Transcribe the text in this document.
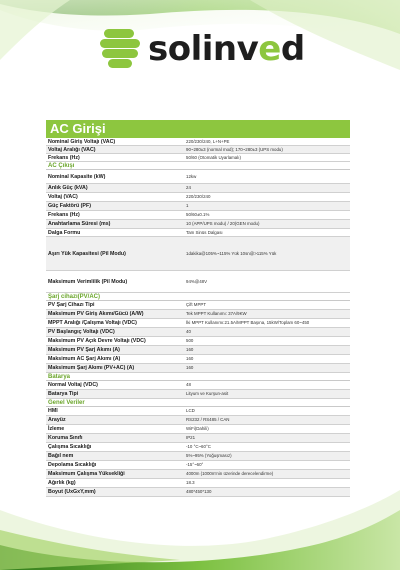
solinved
AC Girişi
Nominal Giriş Voltajı (VAC)	220/230/240, L+N+PE
Voltaj Aralığı (VAC)	90~280±3 (normal mod); 170~280±3 (UPS modu)
Frekans (Hz)	50/60 (Otomatik Uyarlamalı)
AC Çıkışı
Nominal Kapasite (kW)	12kw
Anlık Güç (kVA)	24
Voltaj (VAC)	220/230/240
Güç Faktörü (PF)	1
Frekans (Hz)	50/60±0.1%
Anahtarlama Süresi (ms)	10 (APP/UPS modu) / 20(GEN modu)
Dalga Formu	Tam Sinüs Dalgası
Aşırı Yük Kapasitesi (Pil Modu)	1dakika@105%~115% Yük 10sn@>115% Yük
Maksimum Verimlilik (Pil Modu)	94%@48V
Şarj cihazı(PV/AC)
PV Şarj Cihazı Tipi	Çift MPPT
Maksimum PV Giriş Akımı/Gücü (A/W)	Tek MPPT Kullanımı: 37A/9KW
MPPT Aralığı /Çalışma Voltajı (VDC)	İki MPPT Kullanımı:21.5A/MPPT Başına, 15kW/Toplam 60~450
PV Başlangıç Voltajı (VDC)	40
Maksimum PV Açık Devre Voltajı (VDC)	500
Maksimum PV Şarj Akımı (A)	160
Maksimum AC Şarj Akımı (A)	160
Maksimum Şarj Akımı (PV+AC) (A)	160
Batarya
Normal Voltaj (VDC)	48
Batarya Tipi	Lityum ve Kurşun-asit
Genel Veriler
HMI	LCD
Arayüz	RS232 / RS485 / CAN
İzleme	WiFi(Dahili)
Koruma Sınıfı	IP21
Çalışma Sıcaklığı	-10 °C~60°C
Bağıl nem	5%~95% (Yoğuşmasız)
Depolama Sıcaklığı	-15°~60°
Maksimum Çalışma Yüksekliği	4000m (1000m'nin üzerinde derecelendirme)
Ağırlık (kg)	18.3
Boyut (UxGxY,mm)	480*450*130
